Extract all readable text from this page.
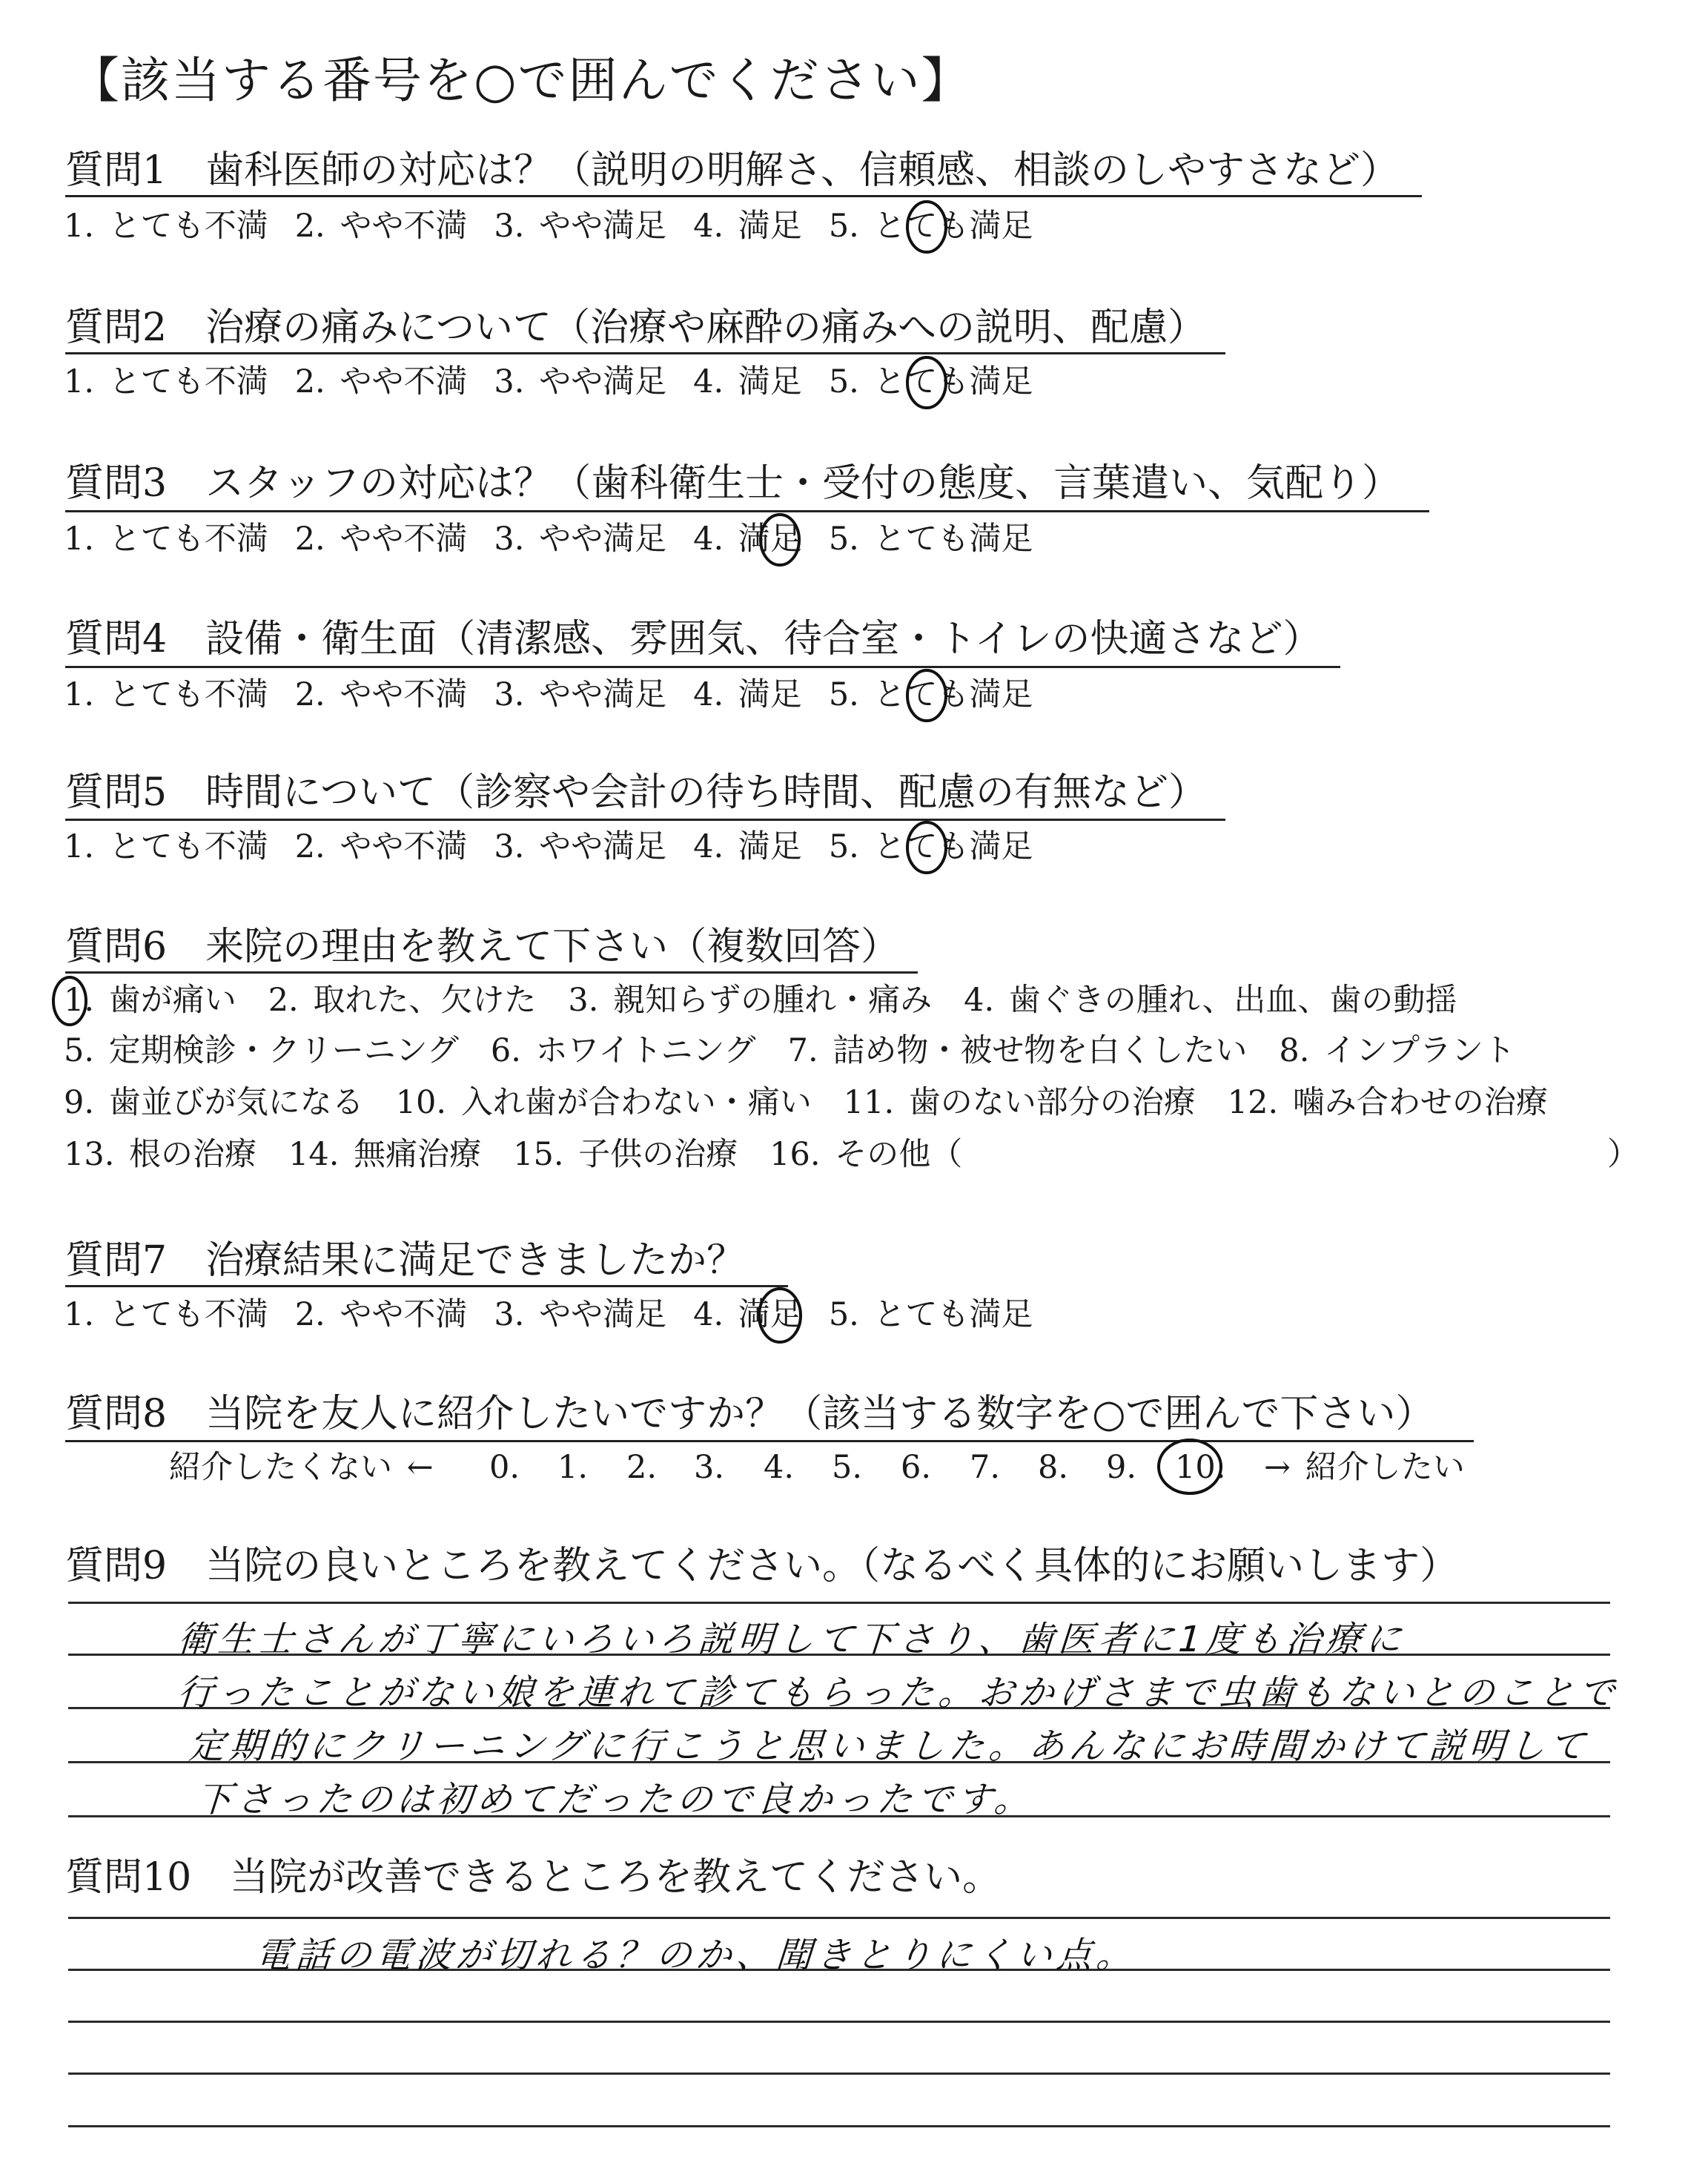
【該当する番号を○で囲んでください】
質問1　歯科医師の対応は？（説明の明解さ、信頼感、相談のしやすさなど）
1. とても不満 2. やや不満 3. やや満足 4. 満足 5. とても満足
質問2　治療の痛みについて（治療や麻酔の痛みへの説明、配慮）
1. とても不満 2. やや不満 3. やや満足 4. 満足 5. とても満足
質問3　スタッフの対応は？（歯科衛生士・受付の態度、言葉遣い、気配り）
1. とても不満 2. やや不満 3. やや満足 4. 満足 5. とても満足
質問4　設備・衛生面（清潔感、雰囲気、待合室・トイレの快適さなど）
1. とても不満 2. やや不満 3. やや満足 4. 満足 5. とても満足
質問5　時間について（診察や会計の待ち時間、配慮の有無など）
1. とても不満 2. やや不満 3. やや満足 4. 満足 5. とても満足
質問6　来院の理由を教えて下さい（複数回答）
1. 歯が痛い　2. 取れた、欠けた　3. 親知らずの腫れ・痛み　4. 歯ぐきの腫れ、出血、歯の動揺
5. 定期検診・クリーニング　6. ホワイトニング　7. 詰め物・被せ物を白くしたい　8. インプラント
9. 歯並びが気になる　10. 入れ歯が合わない・痛い　11. 歯のない部分の治療　12. 噛み合わせの治療
13. 根の治療　14. 無痛治療　15. 子供の治療　16. その他（	）
質問7　治療結果に満足できましたか？
1. とても不満 2. やや不満 3. やや満足 4. 満足 5. とても満足
質問8　当院を友人に紹介したいですか？（該当する数字を○で囲んで下さい）
紹介したくない ← 0. 1. 2. 3. 4. 5. 6. 7. 8. 9. 10. → 紹介したい
質問9　当院の良いところを教えてください。（なるべく具体的にお願いします）
衛生士さんが丁寧にいろいろ説明して下さり、歯医者に1度も治療に
行ったことがない娘を連れて診てもらった。おかげさまで虫歯もないとのことで
定期的にクリーニングに行こうと思いました。あんなにお時間かけて説明して
下さったのは初めてだったので良かったです。
質問10　当院が改善できるところを教えてください。
電話の電波が切れる？のか、聞きとりにくい点。
